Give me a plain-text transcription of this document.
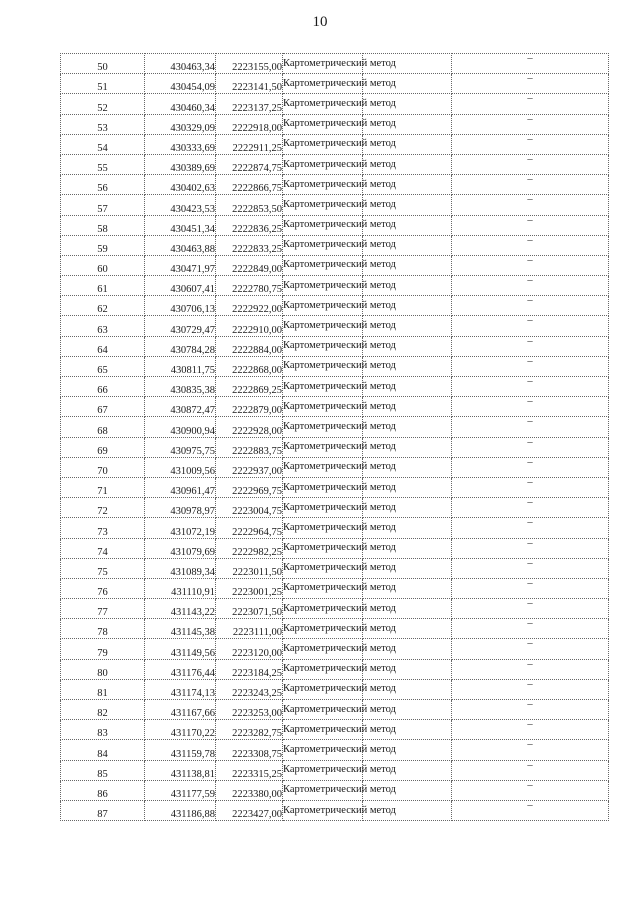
10
50	430463,34	2223155,00	Картометрический метод		–
51	430454,09	2223141,50	Картометрический метод		–
52	430460,34	2223137,25	Картометрический метод		–
53	430329,09	2222918,00	Картометрический метод		–
54	430333,69	2222911,25	Картометрический метод		–
55	430389,69	2222874,75	Картометрический метод		–
56	430402,63	2222866,75	Картометрический метод		–
57	430423,53	2222853,50	Картометрический метод		–
58	430451,34	2222836,25	Картометрический метод		–
59	430463,88	2222833,25	Картометрический метод		–
60	430471,97	2222849,00	Картометрический метод		–
61	430607,41	2222780,75	Картометрический метод		–
62	430706,13	2222922,00	Картометрический метод		–
63	430729,47	2222910,00	Картометрический метод		–
64	430784,28	2222884,00	Картометрический метод		–
65	430811,75	2222868,00	Картометрический метод		–
66	430835,38	2222869,25	Картометрический метод		–
67	430872,47	2222879,00	Картометрический метод		–
68	430900,94	2222928,00	Картометрический метод		–
69	430975,75	2222883,75	Картометрический метод		–
70	431009,56	2222937,00	Картометрический метод		–
71	430961,47	2222969,75	Картометрический метод		–
72	430978,97	2223004,75	Картометрический метод		–
73	431072,19	2222964,75	Картометрический метод		–
74	431079,69	2222982,25	Картометрический метод		–
75	431089,34	2223011,50	Картометрический метод		–
76	431110,91	2223001,25	Картометрический метод		–
77	431143,22	2223071,50	Картометрический метод		–
78	431145,38	2223111,00	Картометрический метод		–
79	431149,56	2223120,00	Картометрический метод		–
80	431176,44	2223184,25	Картометрический метод		–
81	431174,13	2223243,25	Картометрический метод		–
82	431167,66	2223253,00	Картометрический метод		–
83	431170,22	2223282,75	Картометрический метод		–
84	431159,78	2223308,75	Картометрический метод		–
85	431138,81	2223315,25	Картометрический метод		–
86	431177,59	2223380,00	Картометрический метод		–
87	431186,88	2223427,00	Картометрический метод		–
